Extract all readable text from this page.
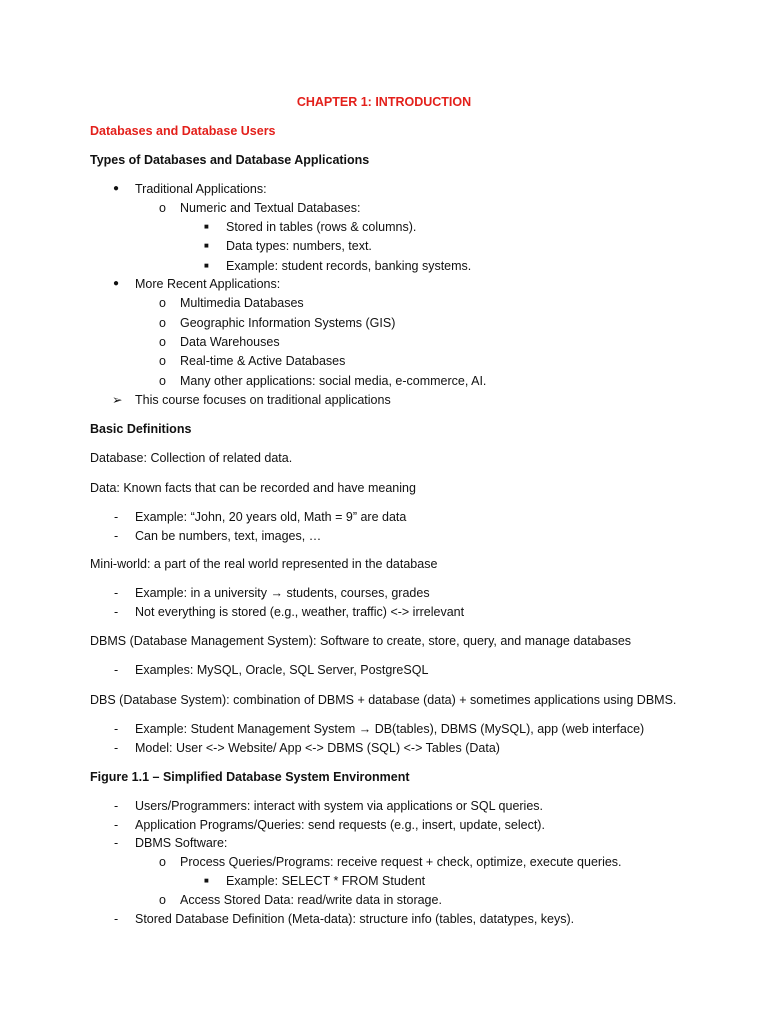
CHAPTER 1: INTRODUCTION
Databases and Database Users
Types of Databases and Database Applications
● Traditional Applications:
o Numeric and Textual Databases:
■ Stored in tables (rows & columns).
■ Data types: numbers, text.
■ Example: student records, banking systems.
● More Recent Applications:
o Multimedia Databases
o Geographic Information Systems (GIS)
o Data Warehouses
o Real-time & Active Databases
o Many other applications: social media, e-commerce, AI.
➢ This course focuses on traditional applications
Basic Definitions
Database: Collection of related data.
Data: Known facts that can be recorded and have meaning
- Example: “John, 20 years old, Math = 9” are data
- Can be numbers, text, images, …
Mini-world: a part of the real world represented in the database
- Example: in a university → students, courses, grades
- Not everything is stored (e.g., weather, traffic) <-> irrelevant
DBMS (Database Management System): Software to create, store, query, and manage databases
- Examples: MySQL, Oracle, SQL Server, PostgreSQL
DBS (Database System): combination of DBMS + database (data) + sometimes applications using DBMS.
- Example: Student Management System → DB(tables), DBMS (MySQL), app (web interface)
- Model: User <-> Website/ App <-> DBMS (SQL) <-> Tables (Data)
Figure 1.1 – Simplified Database System Environment
- Users/Programmers: interact with system via applications or SQL queries.
- Application Programs/Queries: send requests (e.g., insert, update, select).
- DBMS Software:
o Process Queries/Programs: receive request + check, optimize, execute queries.
■ Example: SELECT * FROM Student
o Access Stored Data: read/write data in storage.
- Stored Database Definition (Meta-data): structure info (tables, datatypes, keys).
